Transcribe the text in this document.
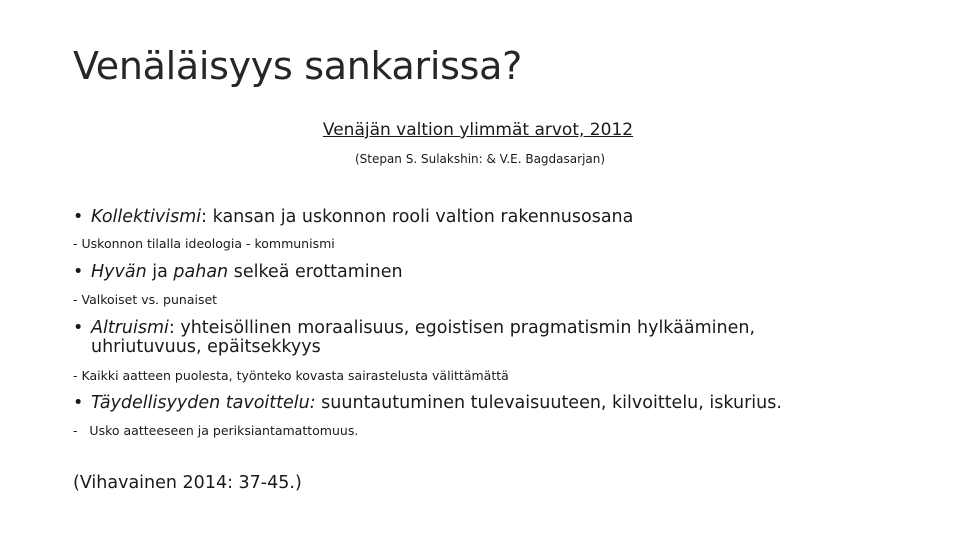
Venäläisyys sankarissa?
Venäjän valtion ylimmät arvot, 2012
(Stepan S. Sulakshin: & V.E. Bagdasarjan)
• Kollektivismi: kansan ja uskonnon rooli valtion rakennusosana
- Uskonnon tilalla ideologia - kommunismi
• Hyvän ja pahan selkeä erottaminen
- Valkoiset vs. punaiset
• Altruismi: yhteisöllinen moraalisuus, egoistisen pragmatismin hylkääminen,
uhriutuvuus, epäitsekkyys
- Kaikki aatteen puolesta, työnteko kovasta sairastelusta välittämättä
• Täydellisyyden tavoittelu: suuntautuminen tulevaisuuteen, kilvoittelu, iskurius.
-   Usko aatteeseen ja periksiantamattomuus.
(Vihavainen 2014: 37-45.)
